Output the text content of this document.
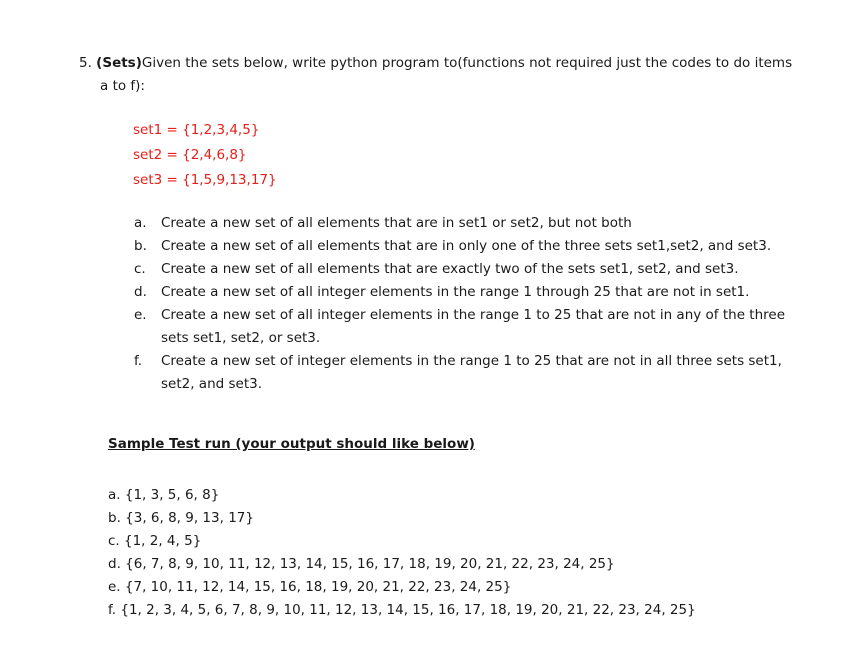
5. (Sets)Given the sets below, write python program to(functions not required just the codes to do items
a to f):
set1 = {1,2,3,4,5}
set2 = {2,4,6,8}
set3 = {1,5,9,13,17}
a.	Create a new set of all elements that are in set1 or set2, but not both
b.	Create a new set of all elements that are in only one of the three sets set1,set2, and set3.
c.	Create a new set of all elements that are exactly two of the sets set1, set2, and set3.
d.	Create a new set of all integer elements in the range 1 through 25 that are not in set1.
e.	Create a new set of all integer elements in the range 1 to 25 that are not in any of the three sets set1, set2, or set3.
f.	Create a new set of integer elements in the range 1 to 25 that are not in all three sets set1, set2, and set3.
Sample Test run (your output should like below)
a. {1, 3, 5, 6, 8}
b. {3, 6, 8, 9, 13, 17}
c. {1, 2, 4, 5}
d. {6, 7, 8, 9, 10, 11, 12, 13, 14, 15, 16, 17, 18, 19, 20, 21, 22, 23, 24, 25}
e. {7, 10, 11, 12, 14, 15, 16, 18, 19, 20, 21, 22, 23, 24, 25}
f. {1, 2, 3, 4, 5, 6, 7, 8, 9, 10, 11, 12, 13, 14, 15, 16, 17, 18, 19, 20, 21, 22, 23, 24, 25}
